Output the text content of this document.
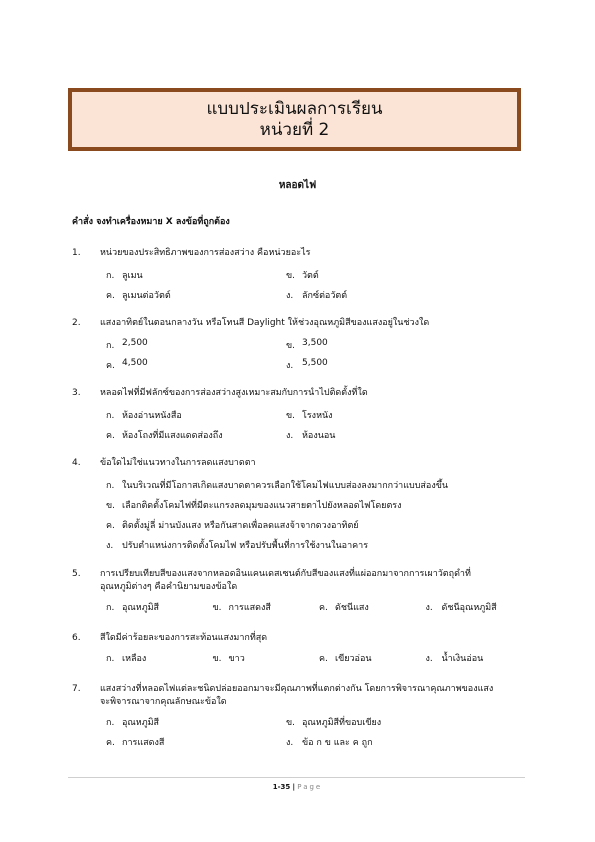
แบบประเมินผลการเรียน
หน่วยที่ 2
หลอดไฟ
คำสั่ง จงทำเครื่องหมาย X ลงข้อที่ถูกต้อง
1.	หน่วยของประสิทธิภาพของการส่องสว่าง คือหน่วยอะไร
ก. ลูเมน	ข. วัตต์
ค. ลูเมนต่อวัตต์	ง. ลักซ์ต่อวัตต์
2.	แสงอาทิตย์ในตอนกลางวัน หรือโทนสี Daylight ให้ช่วงอุณหภูมิสีของแสงอยู่ในช่วงใด
ก. 2,500	ข. 3,500
ค. 4,500	ง. 5,500
3.	หลอดไฟที่มีฟลักซ์ของการส่องสว่างสูงเหมาะสมกับการนำไปติดตั้งที่ใด
ก. ห้องอ่านหนังสือ	ข. โรงหนัง
ค. ห้องโถงที่มีแสงแดดส่องถึง	ง. ห้องนอน
4.	ข้อใดไม่ใช่แนวทางในการลดแสงบาดตา
ก. ในบริเวณที่มีโอกาสเกิดแสงบาดตาควรเลือกใช้โคมไฟแบบส่องลงมากกว่าแบบส่องขึ้น
ข. เลือกติดตั้งโคมไฟที่มีตะแกรงลดมุมของแนวสายตาไปยังหลอดไฟโดยตรง
ค. ติดตั้งมู่ลี่ ม่านบังแสง หรือกันสาดเพื่อลดแสงจ้าจากดวงอาทิตย์
ง. ปรับตำแหน่งการติดตั้งโคมไฟ หรือปรับพื้นที่การใช้งานในอาคาร
5.	การเปรียบเทียบสีของแสงจากหลอดอินแคนเดสเซนต์กับสีของแสงที่แผ่ออกมาจากการเผาวัตถุดำที่
อุณหภูมิต่างๆ คือคำนิยามของข้อใด
ก. อุณหภูมิสี	ข. การแสดงสี	ค. ดัชนีแสง	ง. ดัชนีอุณหภูมิสี
6.	สีใดมีค่าร้อยละของการสะท้อนแสงมากที่สุด
ก. เหลือง	ข. ขาว	ค. เขียวอ่อน	ง. น้ำเงินอ่อน
7.	แสงสว่างที่หลอดไฟแต่ละชนิดปล่อยออกมาจะมีคุณภาพที่แตกต่างกัน โดยการพิจารณาคุณภาพของแสง
จะพิจารณาจากคุณลักษณะข้อใด
ก. อุณหภูมิสี	ข. อุณหภูมิสีที่ขอบเขียง
ค. การแสดงสี	ง. ข้อ ก ข และ ค ถูก
1-35 | Page
